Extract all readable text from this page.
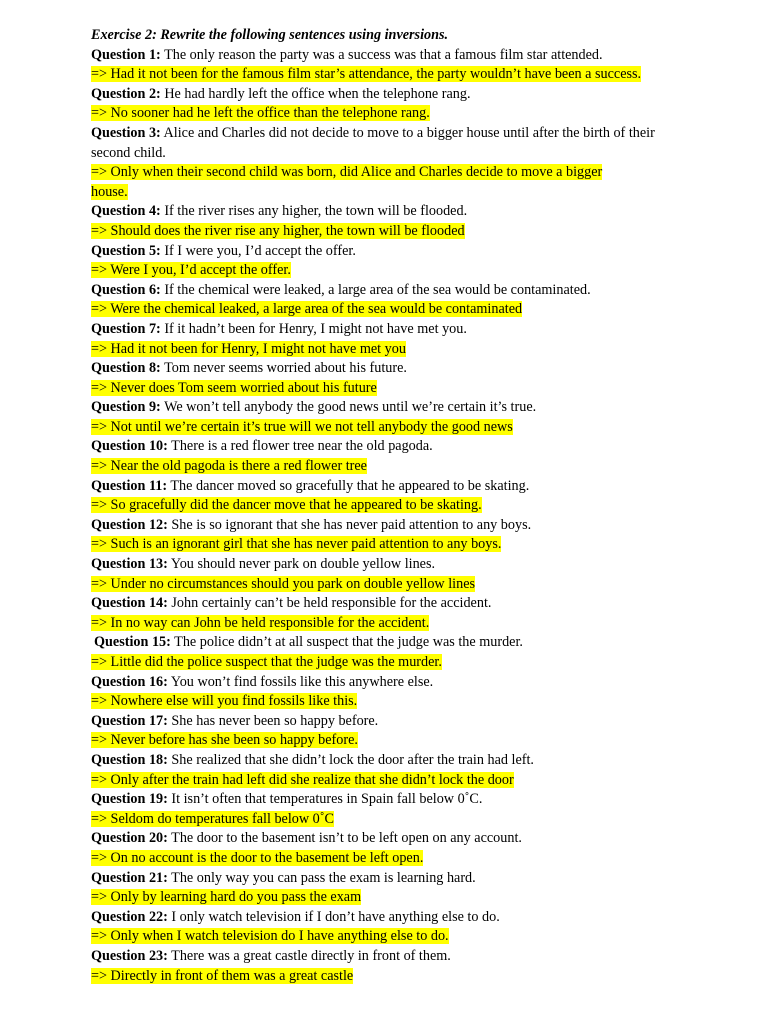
Exercise 2: Rewrite the following sentences using inversions.
Question 1: The only reason the party was a success was that a famous film star attended.
=> Had it not been for the famous film star’s attendance, the party wouldn’t have been a success.
Question 2: He had hardly left the office when the telephone rang.
=> No sooner had he left the office than the telephone rang.
Question 3: Alice and Charles did not decide to move to a bigger house until after the birth of their second child.
=> Only when their second child was born, did Alice and Charles decide to move a bigger
house.
Question 4: If the river rises any higher, the town will be flooded.
=> Should does the river rise any higher, the town will be flooded
Question 5: If I were you, I’d accept the offer.
=> Were I you, I’d accept the offer.
Question 6: If the chemical were leaked, a large area of the sea would be contaminated.
=> Were the chemical leaked, a large area of the sea would be contaminated
Question 7: If it hadn’t been for Henry, I might not have met you.
=> Had it not been for Henry, I might not have met you
Question 8: Tom never seems worried about his future.
=> Never does Tom seem worried about his future
Question 9: We won’t tell anybody the good news until we’re certain it’s true.
=> Not until we’re certain it’s true will we not tell anybody the good news
Question 10: There is a red flower tree near the old pagoda.
=> Near the old pagoda is there a red flower tree
Question 11: The dancer moved so gracefully that he appeared to be skating.
=> So gracefully did the dancer move that he appeared to be skating.
Question 12: She is so ignorant that she has never paid attention to any boys.
=> Such is an ignorant girl that she has never paid attention to any boys.
Question 13: You should never park on double yellow lines.
=> Under no circumstances should you park on double yellow lines
Question 14: John certainly can’t be held responsible for the accident.
=> In no way can John be held responsible for the accident.
Question 15: The police didn’t at all suspect that the judge was the murder.
=> Little did the police suspect that the judge was the murder.
Question 16: You won’t find fossils like this anywhere else.
=> Nowhere else will you find fossils like this.
Question 17: She has never been so happy before.
=> Never before has she been so happy before.
Question 18: She realized that she didn’t lock the door after the train had left.
=> Only after the train had left did she realize that she didn’t lock the door
Question 19: It isn’t often that temperatures in Spain fall below 0˚C.
=> Seldom do temperatures fall below 0˚C
Question 20: The door to the basement isn’t to be left open on any account.
=> On no account is the door to the basement be left open.
Question 21: The only way you can pass the exam is learning hard.
=> Only by learning hard do you pass the exam
Question 22: I only watch television if I don’t have anything else to do.
=> Only when I watch television do I have anything else to do.
Question 23: There was a great castle directly in front of them.
=> Directly in front of them was a great castle
